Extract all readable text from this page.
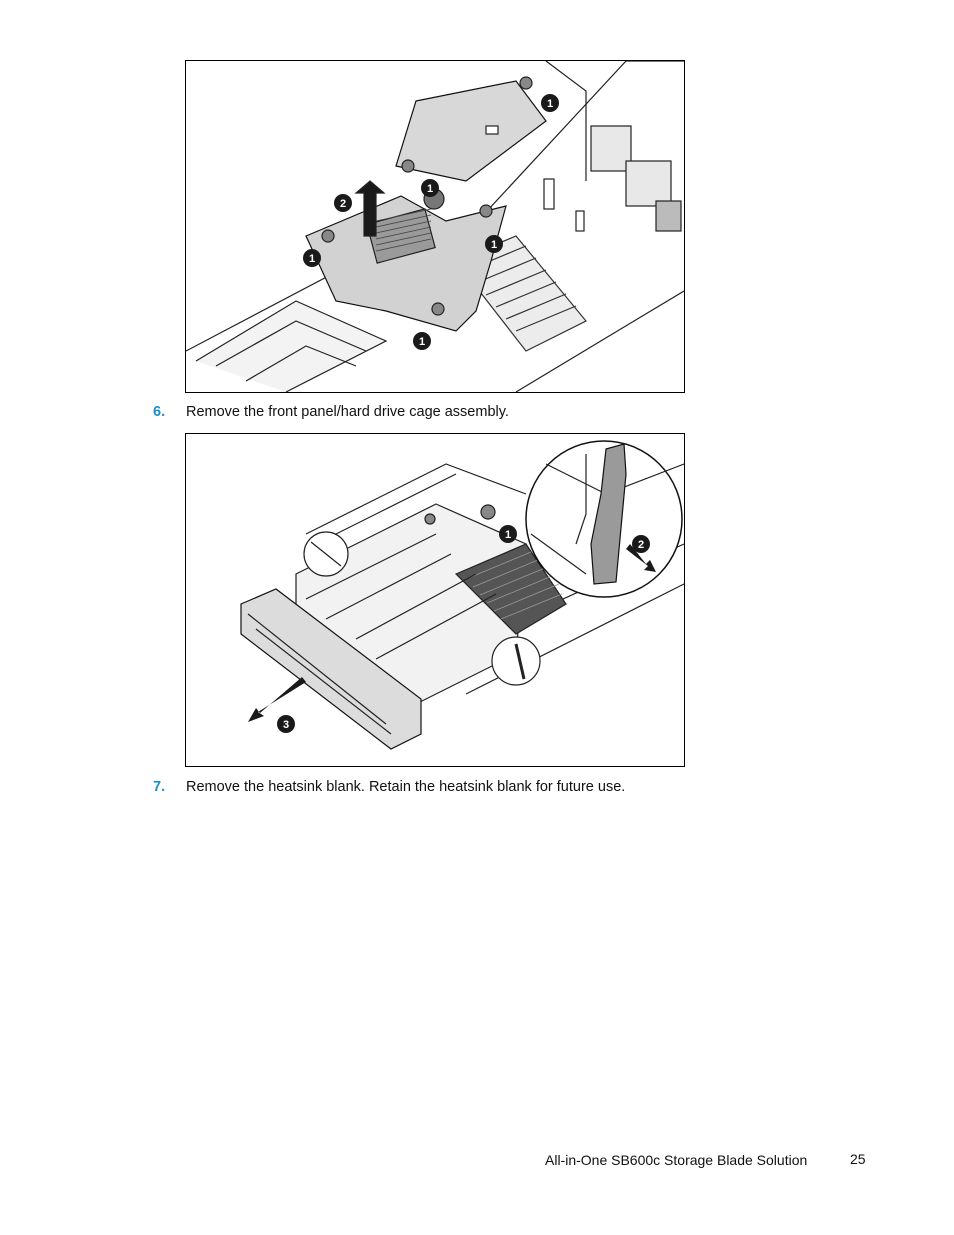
1
1
1
1
1
2
6. Remove the front panel/hard drive cage assembly.
1
2
3
7. Remove the heatsink blank. Retain the heatsink blank for future use.
All-in-One SB600c Storage Blade Solution	25
